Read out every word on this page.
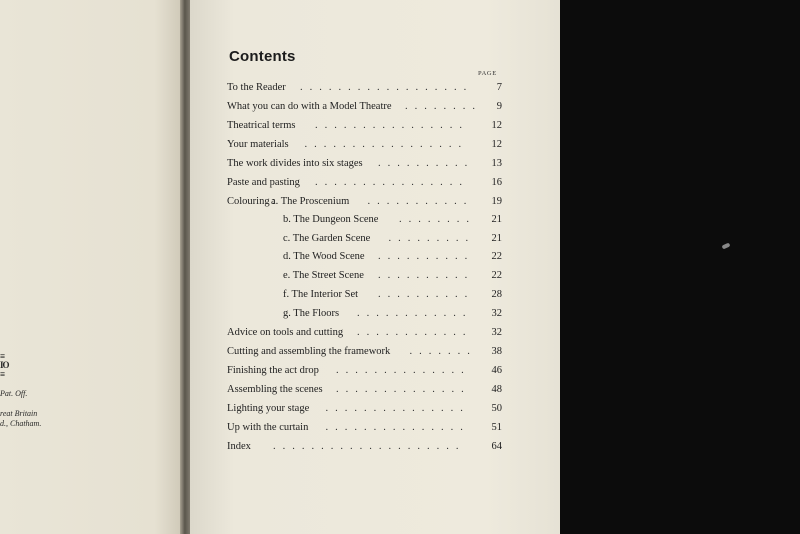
≡
IO
≡
Pat. Off.
reat Britain
d., Chatham.
Contents
PAGE
To the Reader	7
..................
What you can do with a Model Theatre	9
........
Theatrical terms	12
................
Your materials	12
.................
The work divides into six stages	13
..........
Paste and pasting	16
................
Colouring :
a. The Proscenium	19
...........
b. The Dungeon Scene	21
........
c. The Garden Scene	21
.........
d. The Wood Scene	22
..........
e. The Street Scene	22
..........
f. The Interior Set	28
..........
g. The Floors	32
............
Advice on tools and cutting	32
............
Cutting and assembling the framework	38
.......
Finishing the act drop	46
..............
Assembling the scenes	48
..............
Lighting your stage	50
...............
Up with the curtain	51
...............
Index	64
....................
